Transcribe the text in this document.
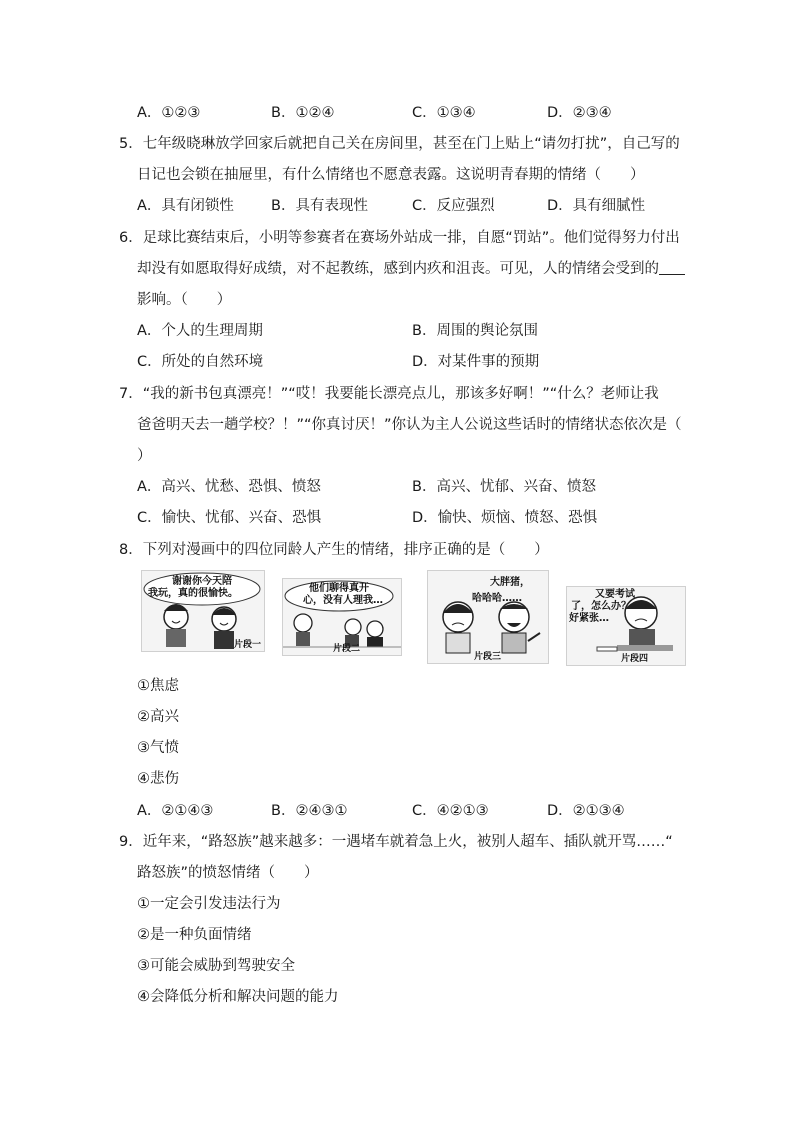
A．①②③	B．①②④	C．①③④	D．②③④
5．七年级晓琳放学回家后就把自己关在房间里，甚至在门上贴上“请勿打扰”，自己写的
日记也会锁在抽屉里，有什么情绪也不愿意表露。这说明青春期的情绪（　　）
A．具有闭锁性	B．具有表现性	C．反应强烈	D．具有细腻性
6．足球比赛结束后，小明等参赛者在赛场外站成一排，自愿“罚站”。他们觉得努力付出
却没有如愿取得好成绩，对不起教练，感到内疚和沮丧。可见，人的情绪会受到的
影响。（　　）
A．个人的生理周期	B．周围的舆论氛围
C．所处的自然环境	D．对某件事的预期
7．“我的新书包真漂亮！”“哎！我要能长漂亮点儿，那该多好啊！”“什么？老师让我
爸爸明天去一趟学校？！”“你真讨厌！”你认为主人公说这些话时的情绪状态依次是（
）
A．高兴、忧愁、恐惧、愤怒	B．高兴、忧郁、兴奋、愤怒
C．愉快、忧郁、兴奋、恐惧	D．愉快、烦恼、愤怒、恐惧
8．下列对漫画中的四位同龄人产生的情绪，排序正确的是（　　）
谢谢你今天陪
我玩，真的很愉快。
片段一
他们聊得真开
心，没有人理我…
片段二
大胖猪，
哈哈哈……
片段三
又要考试
了，怎么办？
好紧张…
片段四
①焦虑
②高兴
③气愤
④悲伤
A．②①④③	B．②④③①	C．④②①③	D．②①③④
9．近年来，“路怒族”越来越多：一遇堵车就着急上火，被别人超车、插队就开骂……“
路怒族”的愤怒情绪（　　）
①一定会引发违法行为
②是一种负面情绪
③可能会威胁到驾驶安全
④会降低分析和解决问题的能力
